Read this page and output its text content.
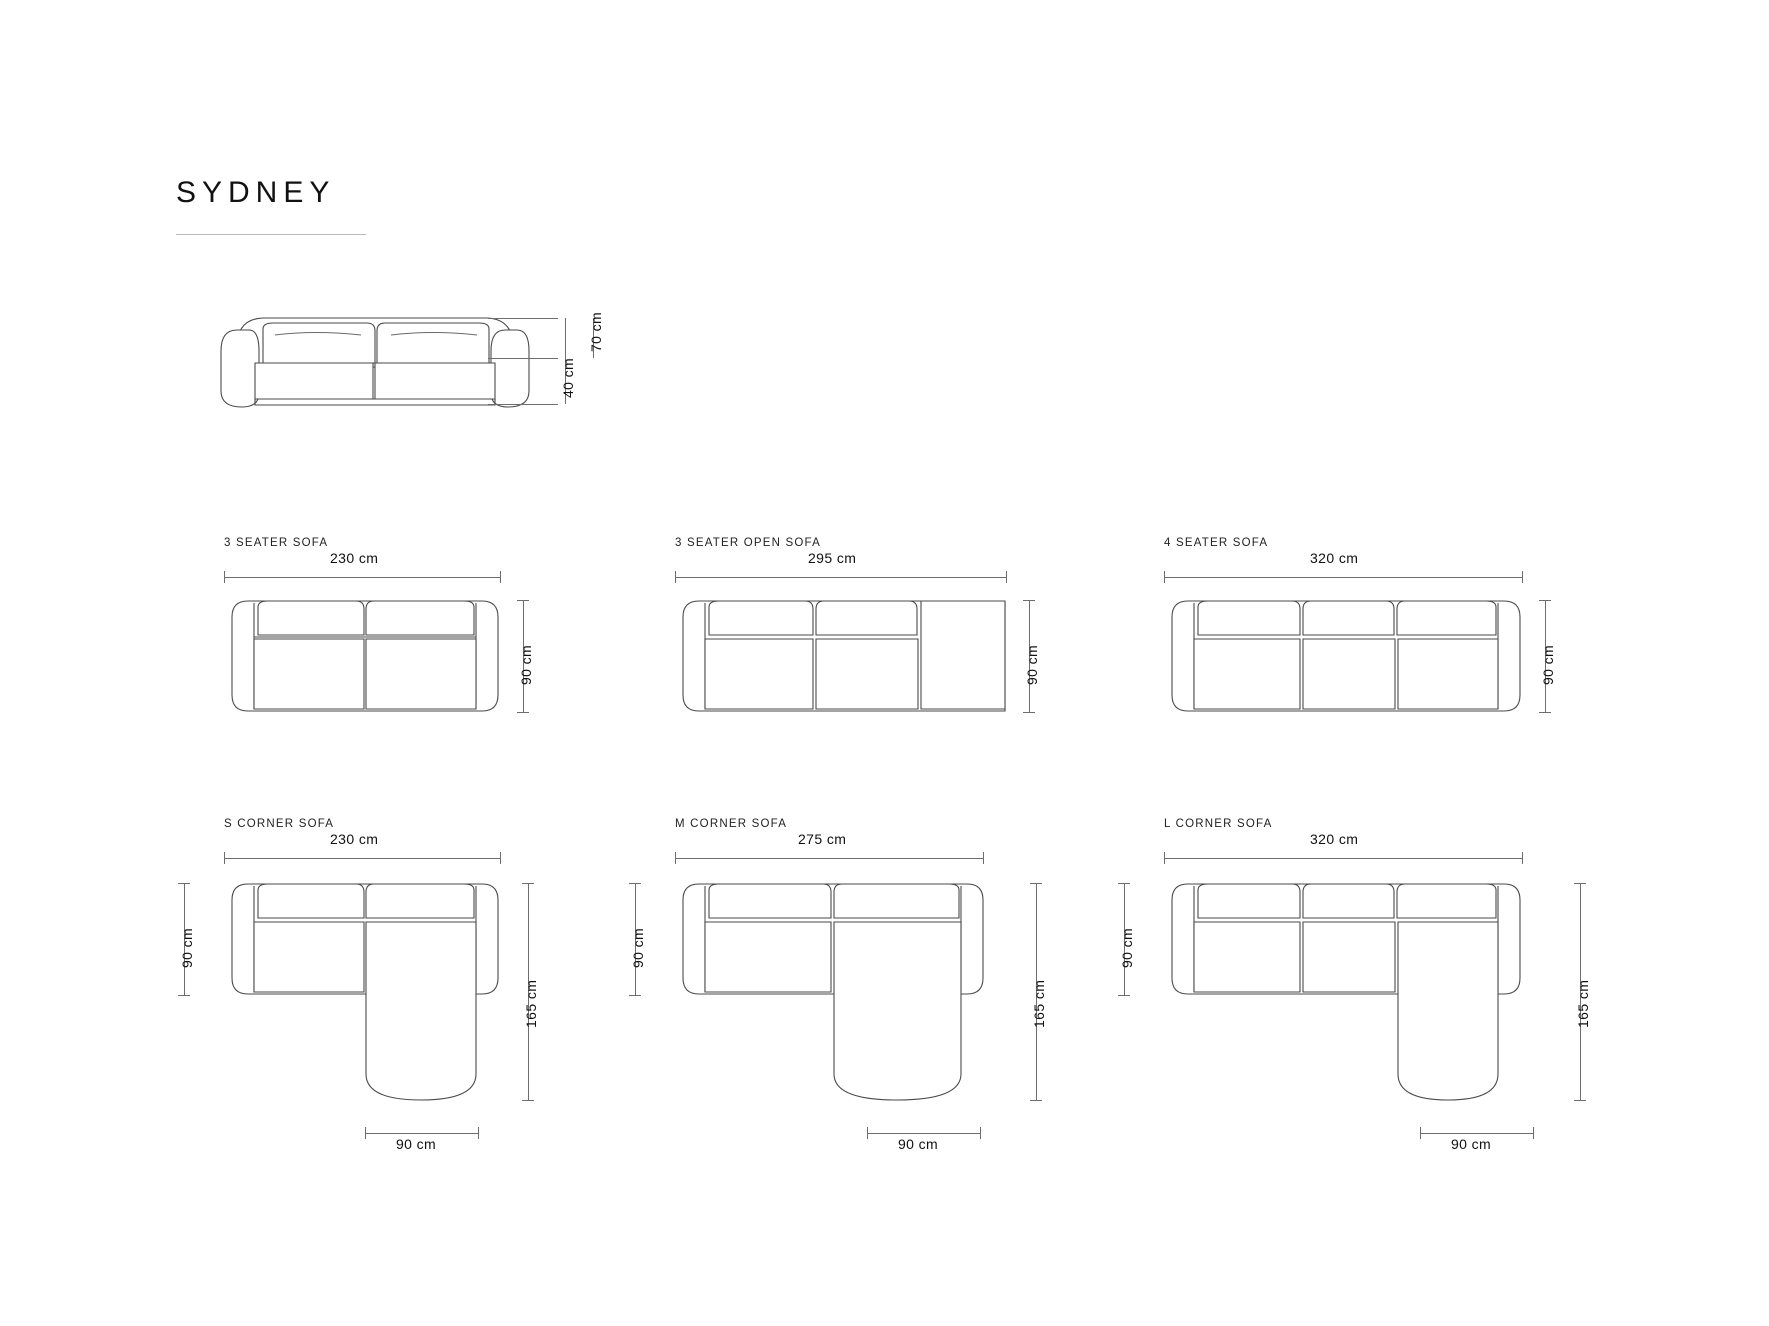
SYDNEY
70 cm
40 cm
3 SEATER SOFA
230 cm
90 cm
3 SEATER OPEN SOFA
295 cm
90 cm
4 SEATER SOFA
320 cm
90 cm
S CORNER SOFA
230 cm
90 cm
165 cm
90 cm
M CORNER SOFA
275 cm
90 cm
165 cm
90 cm
L CORNER SOFA
320 cm
90 cm
165 cm
90 cm
